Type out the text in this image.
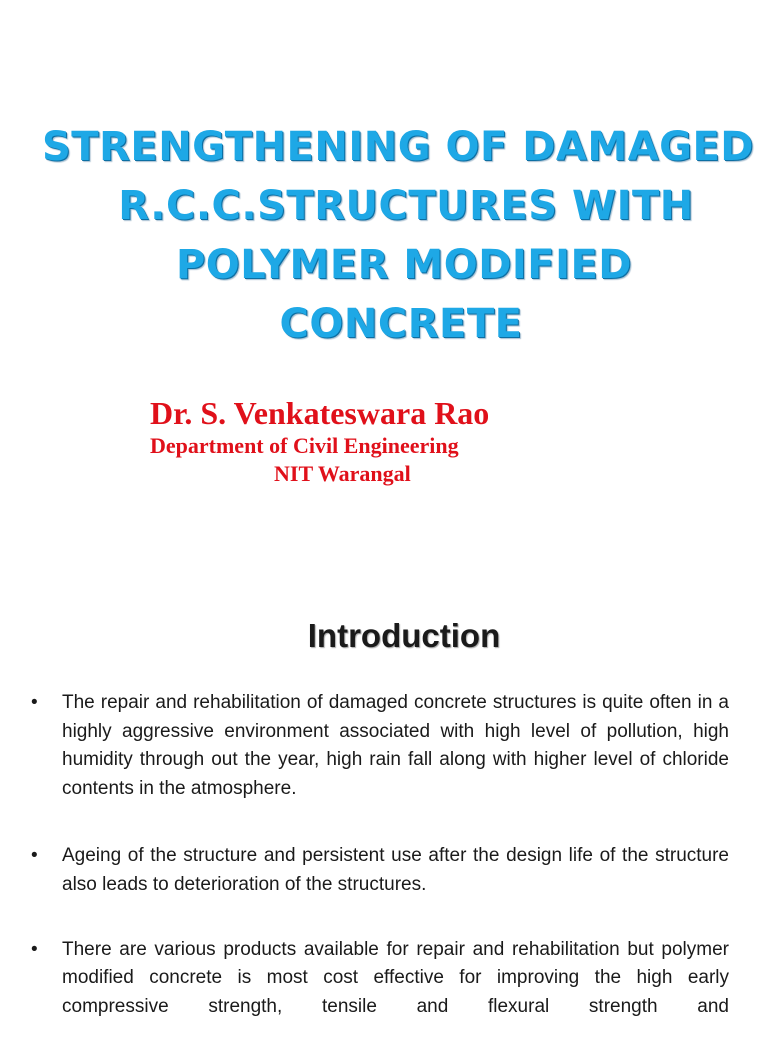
STRENGTHENING OF DAMAGED
R.C.C.STRUCTURES WITH
POLYMER MODIFIED
CONCRETE
Dr. S. Venkateswara Rao
Department of Civil Engineering
NIT Warangal
Introduction
•	The repair and rehabilitation of damaged concrete structures is quite often in a highly aggressive environment associated with high level of pollution, high humidity through out the year, high rain fall along with higher level of chloride contents in the atmosphere.
•	Ageing of the structure and persistent use after the design life of the structure also leads to deterioration of the structures.
•	There are various products available for repair and rehabilitation but polymer modified concrete is most cost effective for improving the high early compressive strength, tensile and flexural strength and
